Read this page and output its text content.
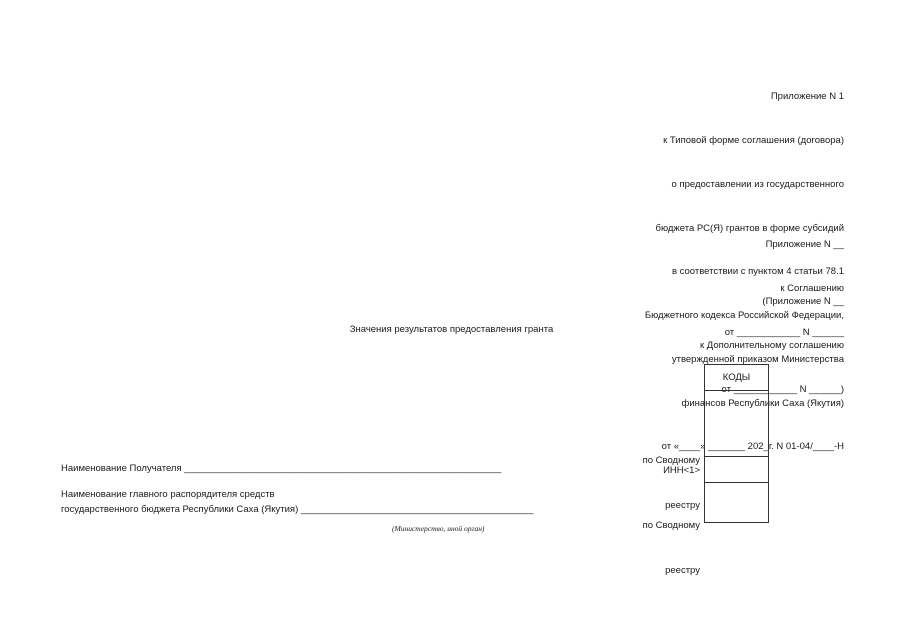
Приложение N 1

к Типовой форме соглашения (договора)

о предоставлении из государственного

бюджета РС(Я) грантов в форме субсидий

в соответствии с пунктом 4 статьи 78.1

Бюджетного кодекса Российской Федерации,

утвержденной приказом Министерства

финансов Республики Саха (Якутия)

от «____» _______ 202_г. N 01-04/____-Н

Приложение N __

к Соглашению

от ____________ N ______

(Приложение N __

к Дополнительному соглашению

от ____________ N ______)

Значения результатов предоставления гранта
КОДЫ

по Сводному

реестру

ИНН<1>

по Сводному

реестру

Наименование Получателя ____________________________________________________________
Наименование главного распорядителя средств
государственного бюджета Республики Саха (Якутия) ____________________________________________
(Министерство, иной орган)
